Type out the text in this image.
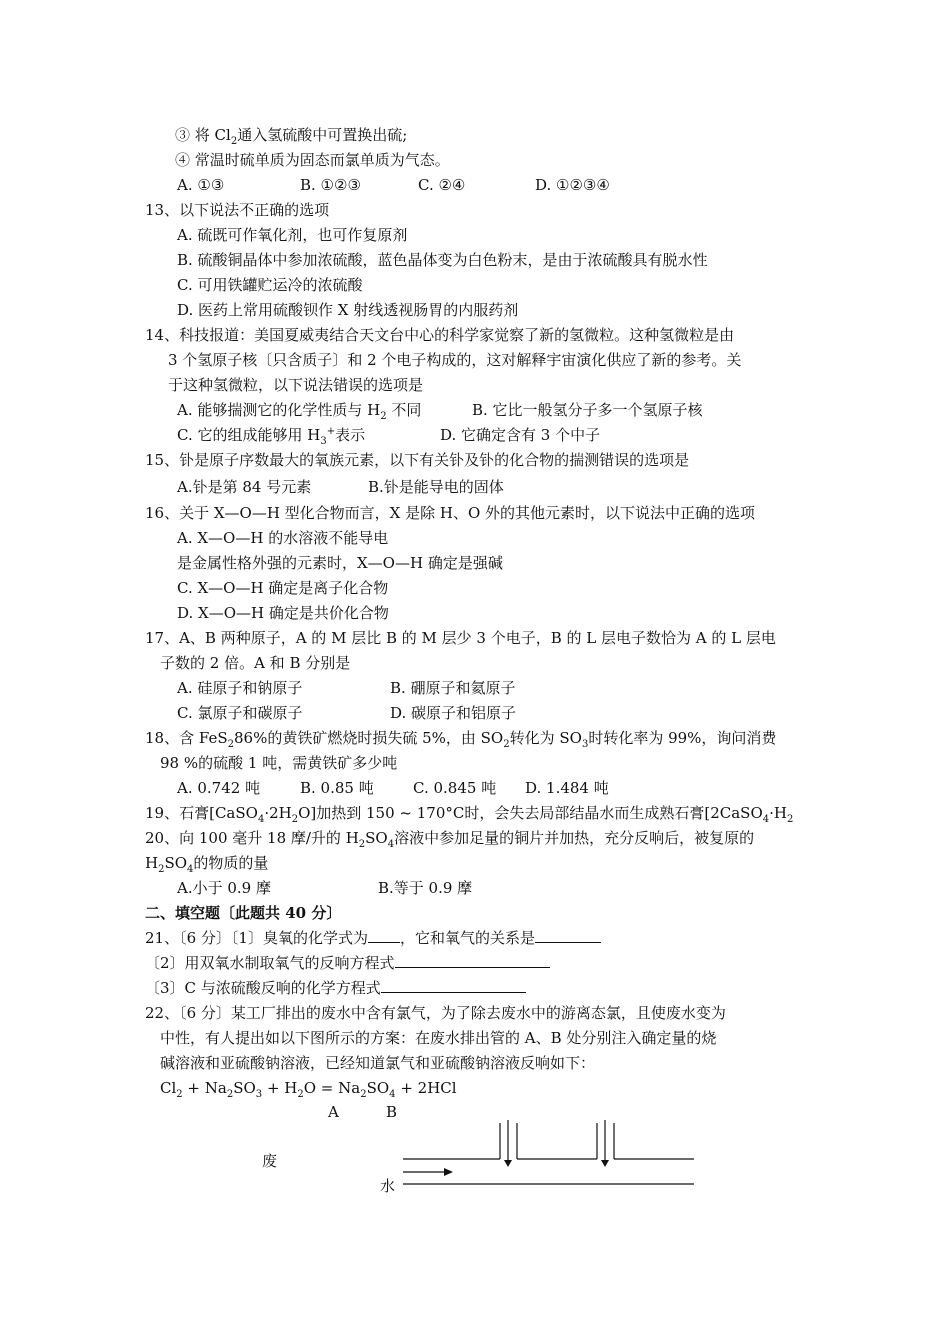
③ 将 $Cl_2$通入氢硫酸中可置换出硫;
④ 常温时硫单质为固态而氯单质为气态。
A. ①③	B. ①②③	C. ②④	D. ①②③④
13、以下说法不正确的选项
A. 硫既可作氧化剂，也可作复原剂
B. 硫酸铜晶体中参加浓硫酸，蓝色晶体变为白色粉末，是由于浓硫酸具有脱水性
C. 可用铁罐贮运冷的浓硫酸
D. 医药上常用硫酸钡作 X 射线透视肠胃的内服药剂
14、科技报道：美国夏威夷结合天文台中心的科学家觉察了新的氢微粒。这种氢微粒是由
3 个氢原子核〔只含质子〕和 2 个电子构成的，这对解释宇宙演化供应了新的参考。关
于这种氢微粒，以下说法错误的选项是
A. 能够揣测它的化学性质与 $H_2$ 不同	B. 它比一般氢分子多一个氢原子核
C. 它的组成能够用 $H_3^+$表示	D. 它确定含有 3 个中子
15、钋是原子序数最大的氧族元素，以下有关钋及钋的化合物的揣测错误的选项是
A.钋是第 84 号元素	B.钋是能导电的固体
16、关于 X—O—H 型化合物而言，X 是除 H、O 外的其他元素时，以下说法中正确的选项
A. X—O—H 的水溶液不能导电
是金属性格外强的元素时，X—O—H 确定是强碱
C. X—O—H 确定是离子化合物
D. X—O—H 确定是共价化合物
17、A、B 两种原子，A 的 M 层比 B 的 M 层少 3 个电子，B 的 L 层电子数恰为 A 的 L 层电
子数的 2 倍。A 和 B 分别是
A. 硅原子和钠原子	B. 硼原子和氦原子
C. 氯原子和碳原子	D. 碳原子和铝原子
18、含 FeS$_2$86%的黄铁矿燃烧时损失硫 5%，由 $SO_2$转化为 $SO_3$时转化率为 99%，询问消费
98 %的硫酸 1 吨，需黄铁矿多少吨
A. 0.742 吨	B. 0.85 吨	C. 0.845 吨 D. 1.484 吨
19、石膏$[CaSO_4\cdot 2H_2O]$加热到 150 ~ 170°C时，会失去局部结晶水而生成熟石膏[$2CaSO_4\cdot H_2$
20、向 100 毫升 18 摩/升的 $H_2SO_4$溶液中参加足量的铜片并加热，充分反响后，被复原的
$H_2SO_4$的物质的量
A.小于 0.9 摩	B.等于 0.9 摩
二、填空题〔此题共 40 分〕
21、〔6 分〕〔1〕臭氧的化学式为 ，它和氧气的关系是
〔2〕用双氧水制取氧气的反响方程式
〔3〕C 与浓硫酸反响的化学方程式
22、〔6 分〕某工厂排出的废水中含有氯气，为了除去废水中的游离态氯，且使废水变为
中性，有人提出如以下图所示的方案：在废水排出管的 A、B 处分别注入确定量的烧
碱溶液和亚硫酸钠溶液，已经知道氯气和亚硫酸钠溶液反响如下：
$Cl_2 + Na_2SO_3 + H_2O = Na_2SO_4 + 2HCl$
A	B
废
水
